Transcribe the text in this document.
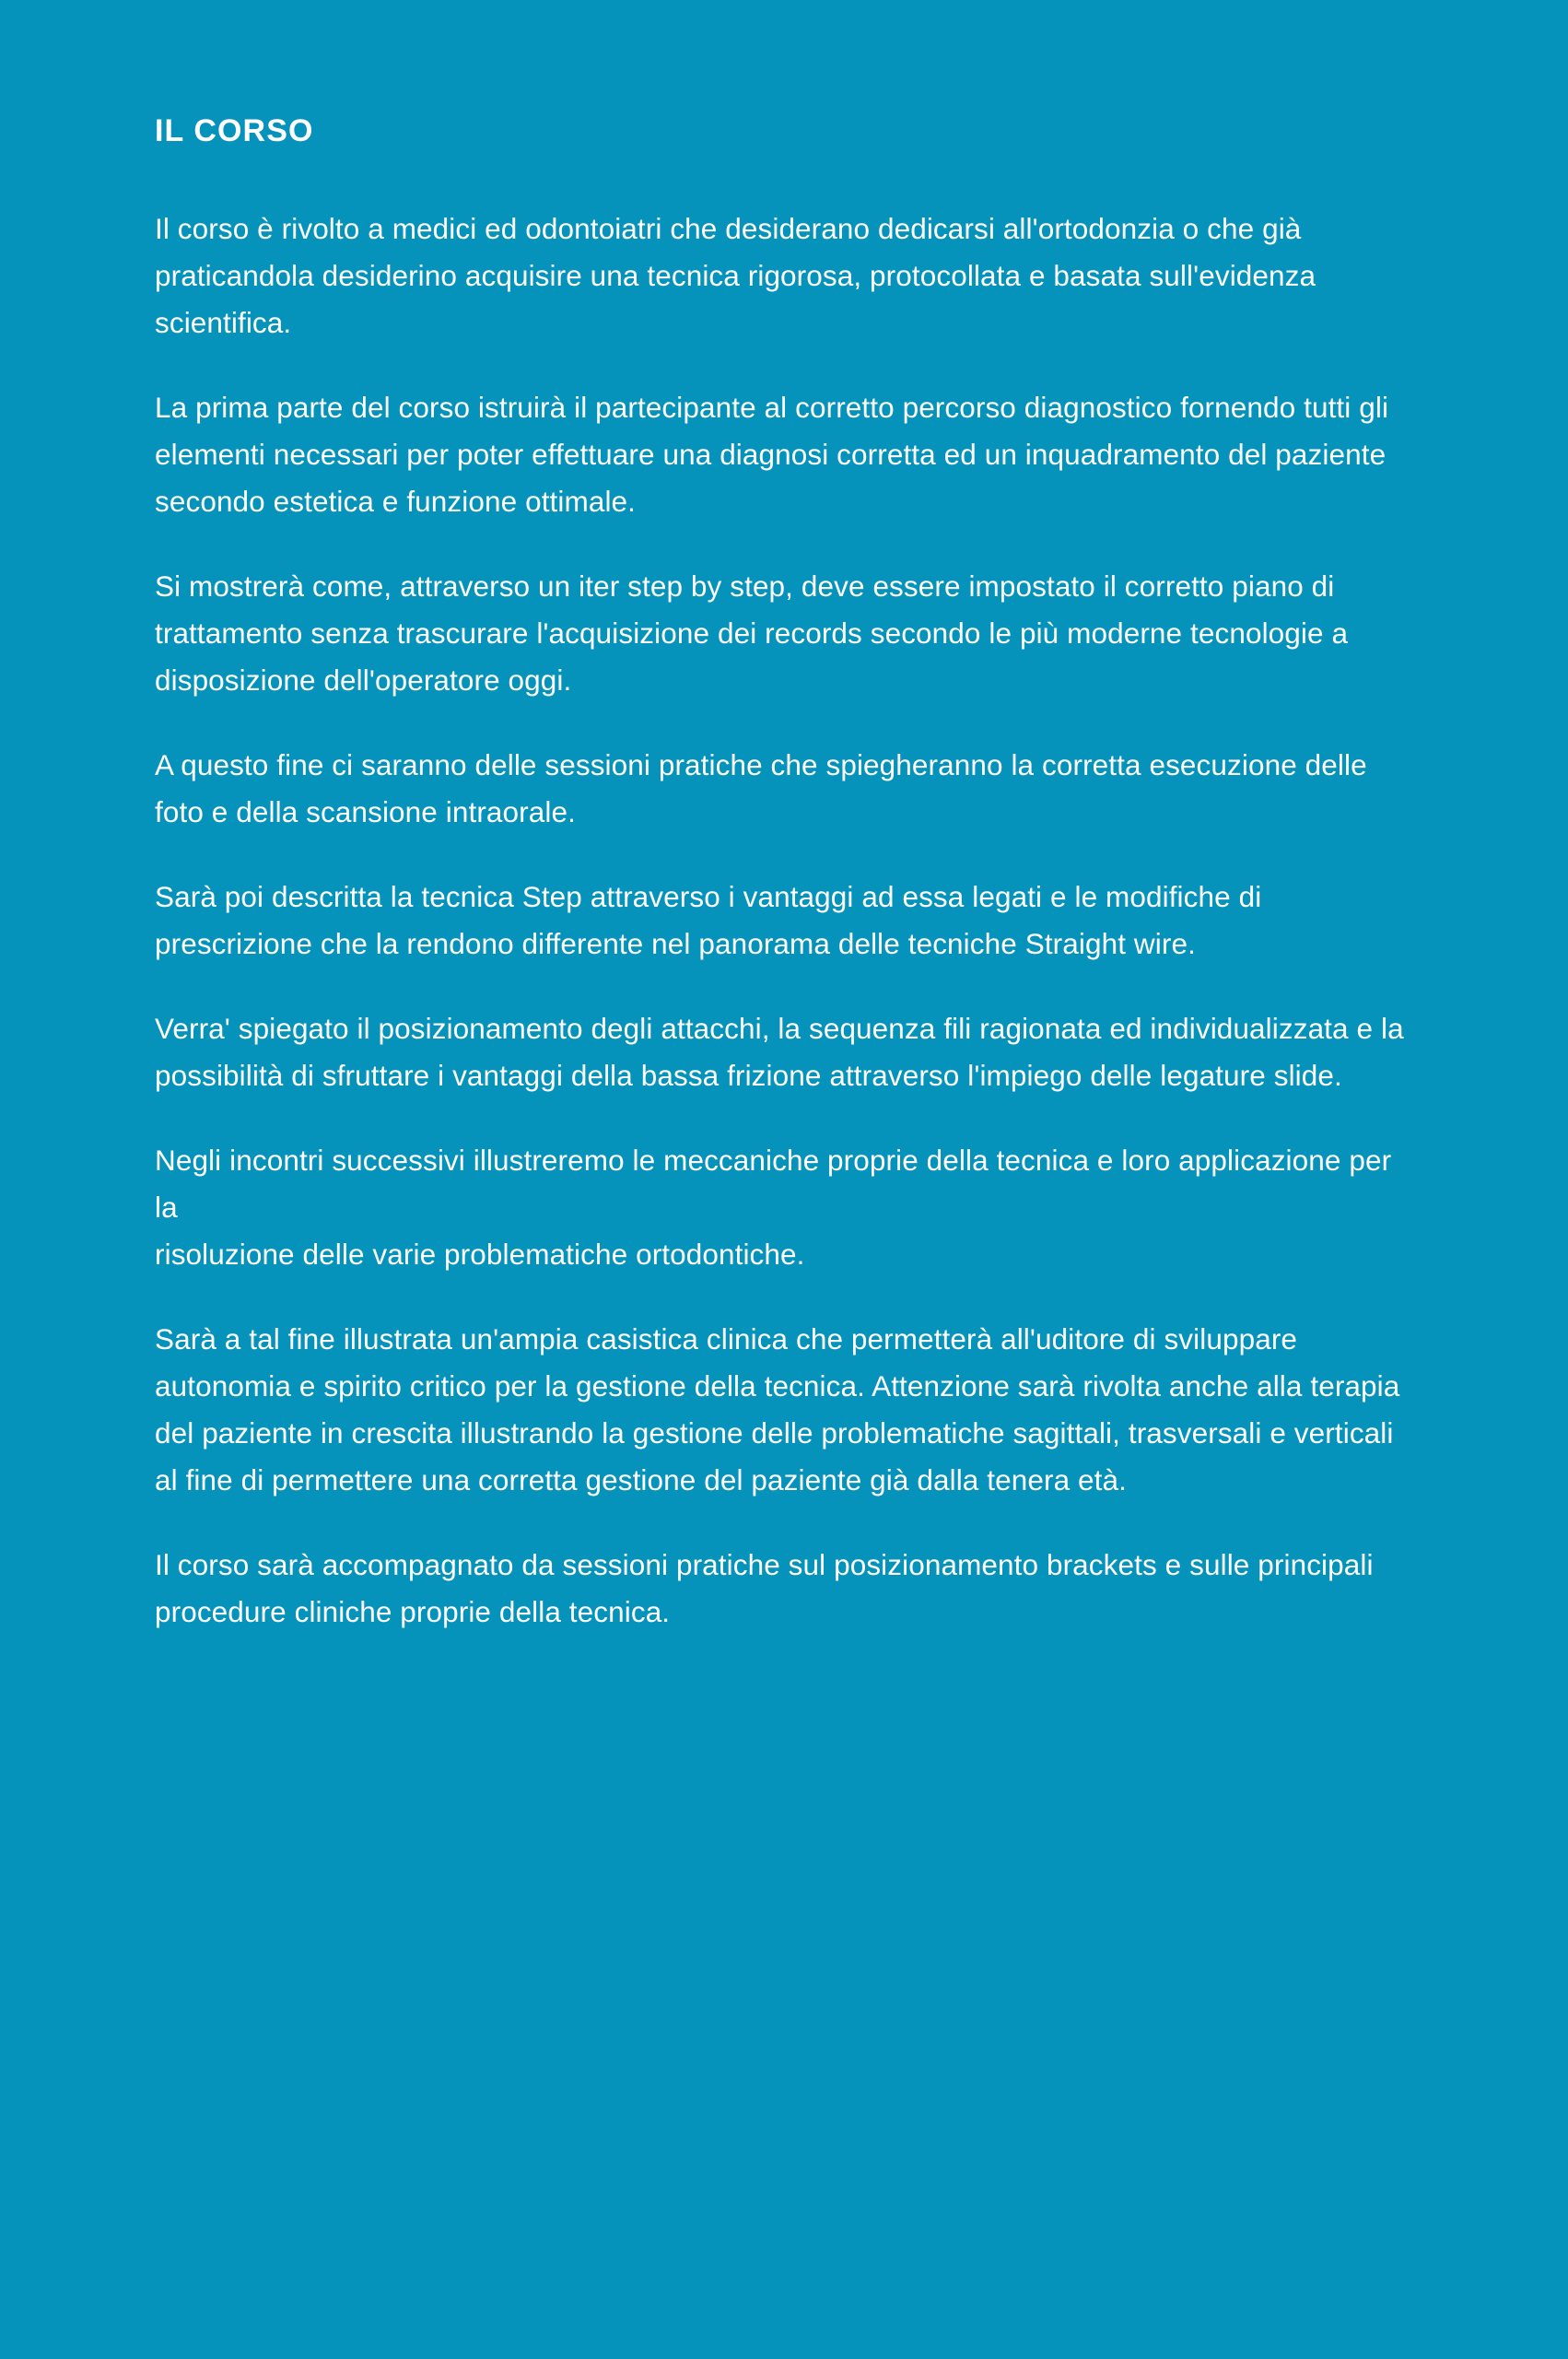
IL CORSO

Il corso è rivolto a medici ed odontoiatri che desiderano dedicarsi all'ortodonzia o che già praticandola desiderino acquisire una tecnica rigorosa, protocollata e basata sull'evidenza scientifica.

La prima parte del corso istruirà il partecipante al corretto percorso diagnostico fornendo tutti gli elementi necessari per poter effettuare una diagnosi corretta ed un inquadramento del paziente secondo estetica e funzione ottimale.

Si mostrerà come, attraverso un iter step by step, deve essere impostato il corretto piano di trattamento senza trascurare l'acquisizione dei records secondo le più moderne tecnologie a disposizione dell'operatore oggi.

A questo fine ci saranno delle sessioni pratiche che spiegheranno la corretta esecuzione delle foto e della scansione intraorale.

Sarà poi descritta la tecnica Step attraverso i vantaggi ad essa legati e le modifiche di prescrizione che la rendono differente nel panorama delle tecniche Straight wire.

Verra' spiegato il posizionamento degli attacchi, la sequenza fili ragionata ed individualizzata e la possibilità di sfruttare i vantaggi della bassa frizione attraverso l'impiego delle legature slide.

Negli incontri successivi illustreremo le meccaniche proprie della tecnica e loro applicazione per la
risoluzione delle varie problematiche ortodontiche.

Sarà a tal fine illustrata un'ampia casistica clinica che permetterà all'uditore di sviluppare autonomia e spirito critico per la gestione della tecnica. Attenzione sarà rivolta anche alla terapia del paziente in crescita illustrando la gestione delle problematiche sagittali, trasversali e verticali al fine di permettere una corretta gestione del paziente già dalla tenera età.

Il corso sarà accompagnato da sessioni pratiche sul posizionamento brackets e sulle principali procedure cliniche proprie della tecnica.
